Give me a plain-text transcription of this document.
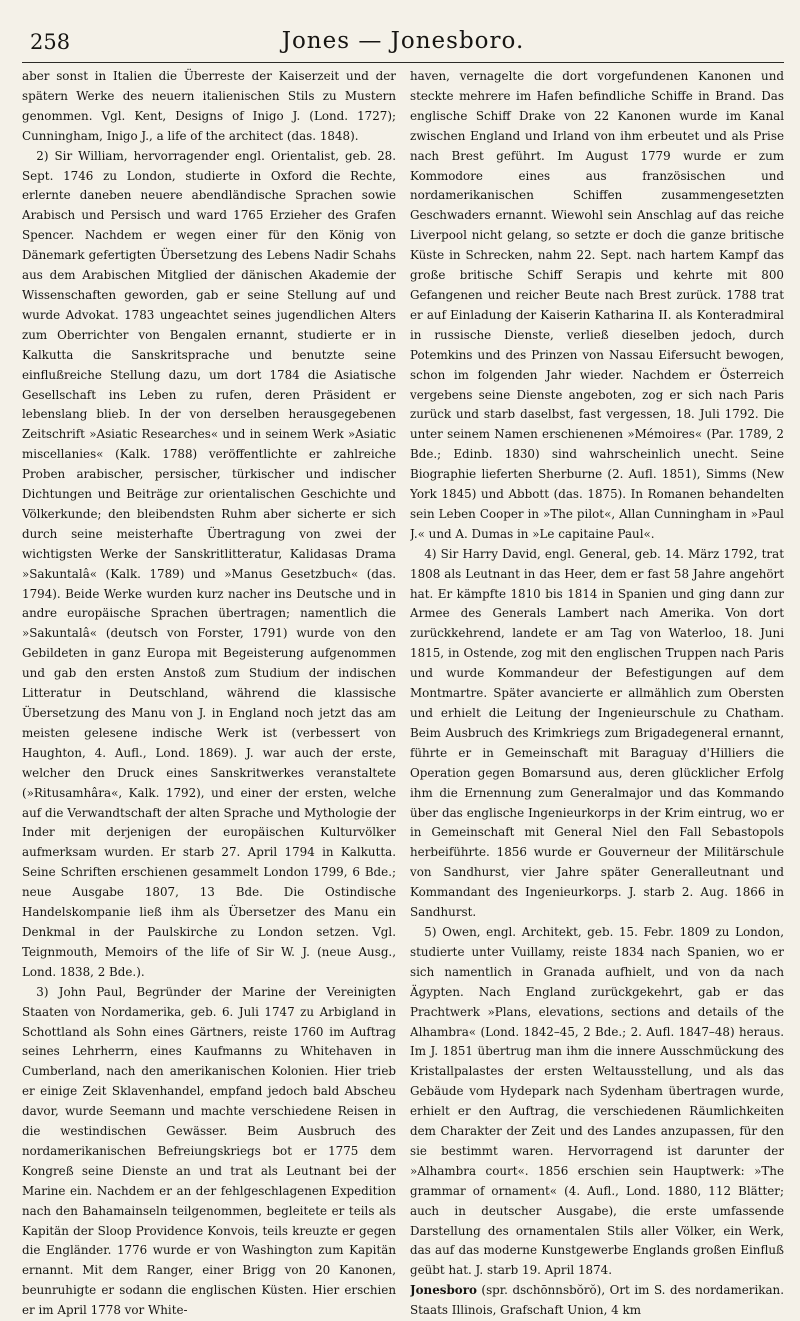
258	Jones — Jonesboro.

aber sonst in Italien die Überreste der Kaiserzeit und der spätern Werke des neuern italienischen Stils zu Mustern genommen. Vgl. Kent, Designs of Inigo J. (Lond. 1727); Cunningham, Inigo J., a life of the architect (das. 1848).

2) Sir William, hervorragender engl. Orientalist, geb. 28. Sept. 1746 zu London, studierte in Oxford die Rechte, erlernte daneben neuere abendländische Sprachen sowie Arabisch und Persisch und ward 1765 Erzieher des Grafen Spencer. Nachdem er wegen einer für den König von Dänemark gefertigten Übersetzung des Lebens Nadir Schahs aus dem Arabischen Mitglied der dänischen Akademie der Wissenschaften geworden, gab er seine Stellung auf und wurde Advokat. 1783 ungeachtet seines jugendlichen Alters zum Oberrichter von Bengalen ernannt, studierte er in Kalkutta die Sanskritsprache und benutzte seine einflußreiche Stellung dazu, um dort 1784 die Asiatische Gesellschaft ins Leben zu rufen, deren Präsident er lebenslang blieb. In der von derselben herausgegebenen Zeitschrift »Asiatic Researches« und in seinem Werk »Asiatic miscellanies« (Kalk. 1788) veröffentlichte er zahlreiche Proben arabischer, persischer, türkischer und indischer Dichtungen und Beiträge zur orientalischen Geschichte und Völkerkunde; den bleibendsten Ruhm aber sicherte er sich durch seine meisterhafte Übertragung von zwei der wichtigsten Werke der Sanskritlitteratur, Kalidasas Drama »Sakuntalâ« (Kalk. 1789) und »Manus Gesetzbuch« (das. 1794). Beide Werke wurden kurz nacher ins Deutsche und in andre europäische Sprachen übertragen; namentlich die »Sakuntalâ« (deutsch von Forster, 1791) wurde von den Gebildeten in ganz Europa mit Begeisterung aufgenommen und gab den ersten Anstoß zum Studium der indischen Litteratur in Deutschland, während die klassische Übersetzung des Manu von J. in England noch jetzt das am meisten gelesene indische Werk ist (verbessert von Haughton, 4. Aufl., Lond. 1869). J. war auch der erste, welcher den Druck eines Sanskritwerkes veranstaltete (»Ritusamhâra«, Kalk. 1792), und einer der ersten, welche auf die Verwandtschaft der alten Sprache und Mythologie der Inder mit derjenigen der europäischen Kulturvölker aufmerksam wurden. Er starb 27. April 1794 in Kalkutta. Seine Schriften erschienen gesammelt London 1799, 6 Bde.; neue Ausgabe 1807, 13 Bde. Die Ostindische Handelskompanie ließ ihm als Übersetzer des Manu ein Denkmal in der Paulskirche zu London setzen. Vgl. Teignmouth, Memoirs of the life of Sir W. J. (neue Ausg., Lond. 1838, 2 Bde.).

3) John Paul, Begründer der Marine der Vereinigten Staaten von Nordamerika, geb. 6. Juli 1747 zu Arbigland in Schottland als Sohn eines Gärtners, reiste 1760 im Auftrag seines Lehrherrn, eines Kaufmanns zu Whitehaven in Cumberland, nach den amerikanischen Kolonien. Hier trieb er einige Zeit Sklavenhandel, empfand jedoch bald Abscheu davor, wurde Seemann und machte verschiedene Reisen in die westindischen Gewässer. Beim Ausbruch des nordamerikanischen Befreiungskriegs bot er 1775 dem Kongreß seine Dienste an und trat als Leutnant bei der Marine ein. Nachdem er an der fehlgeschlagenen Expedition nach den Bahamainseln teilgenommen, begleitete er teils als Kapitän der Sloop Providence Konvois, teils kreuzte er gegen die Engländer. 1776 wurde er von Washington zum Kapitän ernannt. Mit dem Ranger, einer Brigg von 20 Kanonen, beunruhigte er sodann die englischen Küsten. Hier erschien er im April 1778 vor White-

haven, vernagelte die dort vorgefundenen Kanonen und steckte mehrere im Hafen befindliche Schiffe in Brand. Das englische Schiff Drake von 22 Kanonen wurde im Kanal zwischen England und Irland von ihm erbeutet und als Prise nach Brest geführt. Im August 1779 wurde er zum Kommodore eines aus französischen und nordamerikanischen Schiffen zusammengesetzten Geschwaders ernannt. Wiewohl sein Anschlag auf das reiche Liverpool nicht gelang, so setzte er doch die ganze britische Küste in Schrecken, nahm 22. Sept. nach hartem Kampf das große britische Schiff Serapis und kehrte mit 800 Gefangenen und reicher Beute nach Brest zurück. 1788 trat er auf Einladung der Kaiserin Katharina II. als Konteradmiral in russische Dienste, verließ dieselben jedoch, durch Potemkins und des Prinzen von Nassau Eifersucht bewogen, schon im folgenden Jahr wieder. Nachdem er Österreich vergebens seine Dienste angeboten, zog er sich nach Paris zurück und starb daselbst, fast vergessen, 18. Juli 1792. Die unter seinem Namen erschienenen »Mémoires« (Par. 1789, 2 Bde.; Edinb. 1830) sind wahrscheinlich unecht. Seine Biographie lieferten Sherburne (2. Aufl. 1851), Simms (New York 1845) und Abbott (das. 1875). In Romanen behandelten sein Leben Cooper in »The pilot«, Allan Cunningham in »Paul J.« und A. Dumas in »Le capitaine Paul«.

4) Sir Harry David, engl. General, geb. 14. März 1792, trat 1808 als Leutnant in das Heer, dem er fast 58 Jahre angehört hat. Er kämpfte 1810 bis 1814 in Spanien und ging dann zur Armee des Generals Lambert nach Amerika. Von dort zurückkehrend, landete er am Tag von Waterloo, 18. Juni 1815, in Ostende, zog mit den englischen Truppen nach Paris und wurde Kommandeur der Befestigungen auf dem Montmartre. Später avancierte er allmählich zum Obersten und erhielt die Leitung der Ingenieurschule zu Chatham. Beim Ausbruch des Krimkriegs zum Brigadegeneral ernannt, führte er in Gemeinschaft mit Baraguay d'Hilliers die Operation gegen Bomarsund aus, deren glücklicher Erfolg ihm die Ernennung zum Generalmajor und das Kommando über das englische Ingenieurkorps in der Krim eintrug, wo er in Gemeinschaft mit General Niel den Fall Sebastopols herbeiführte. 1856 wurde er Gouverneur der Militärschule von Sandhurst, vier Jahre später Generalleutnant und Kommandant des Ingenieurkorps. J. starb 2. Aug. 1866 in Sandhurst.

5) Owen, engl. Architekt, geb. 15. Febr. 1809 zu London, studierte unter Vuillamy, reiste 1834 nach Spanien, wo er sich namentlich in Granada aufhielt, und von da nach Ägypten. Nach England zurückgekehrt, gab er das Prachtwerk »Plans, elevations, sections and details of the Alhambra« (Lond. 1842–45, 2 Bde.; 2. Aufl. 1847–48) heraus. Im J. 1851 übertrug man ihm die innere Ausschmückung des Kristallpalastes der ersten Weltausstellung, und als das Gebäude vom Hydepark nach Sydenham übertragen wurde, erhielt er den Auftrag, die verschiedenen Räumlichkeiten dem Charakter der Zeit und des Landes anzupassen, für den sie bestimmt waren. Hervorragend ist darunter der »Alhambra court«. 1856 erschien sein Hauptwerk: »The grammar of ornament« (4. Aufl., Lond. 1880, 112 Blätter; auch in deutscher Ausgabe), die erste umfassende Darstellung des ornamentalen Stils aller Völker, ein Werk, das auf das moderne Kunstgewerbe Englands großen Einfluß geübt hat. J. starb 19. April 1874.

Jonesboro (spr. dschōnnsbŏrŏ), Ort im S. des nordamerikan. Staats Illinois, Grafschaft Union, 4 km
